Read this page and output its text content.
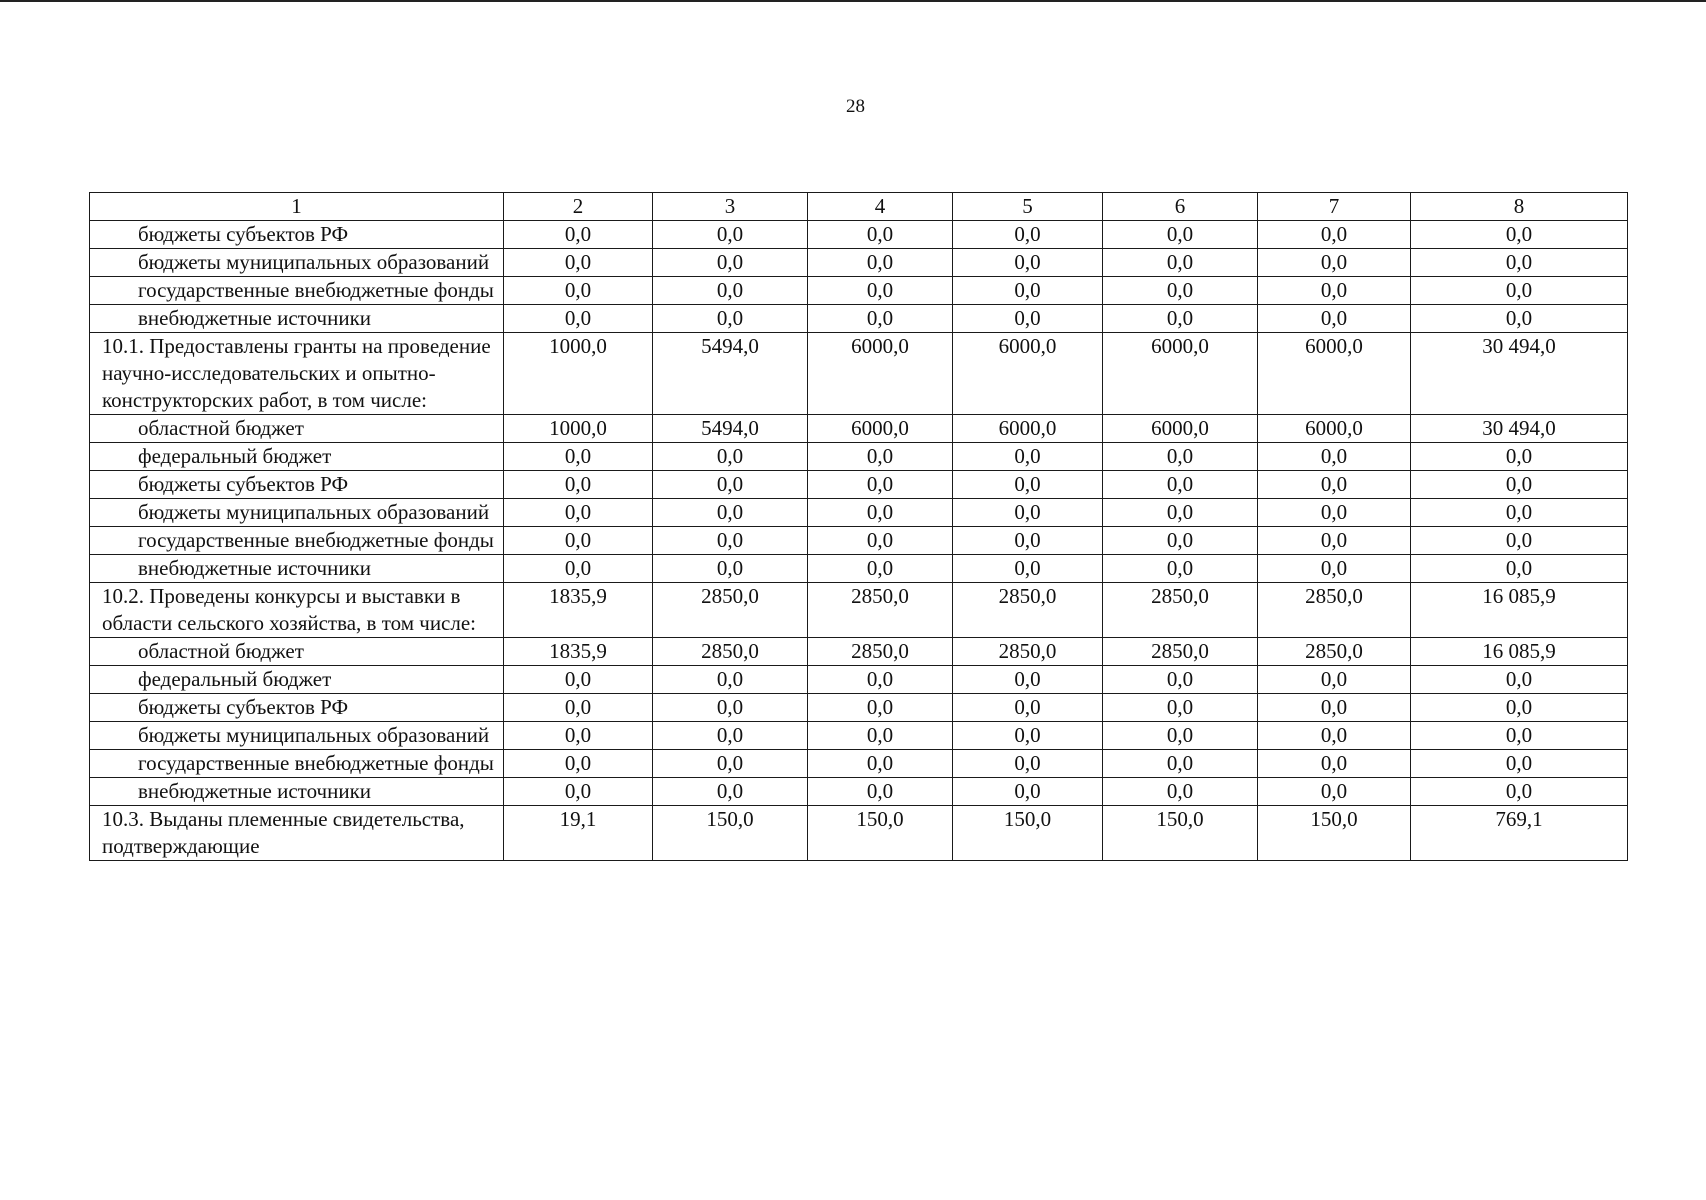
28
1	2	3	4	5	6	7	8
бюджеты субъектов РФ	0,0	0,0	0,0	0,0	0,0	0,0	0,0
бюджеты муниципальных образований	0,0	0,0	0,0	0,0	0,0	0,0	0,0
государственные внебюджетные фонды	0,0	0,0	0,0	0,0	0,0	0,0	0,0
внебюджетные источники	0,0	0,0	0,0	0,0	0,0	0,0	0,0
10.1. Предоставлены гранты на проведение научно-исследовательских и опытно-конструкторских работ, в том числе:	1000,0	5494,0	6000,0	6000,0	6000,0	6000,0	30 494,0
областной бюджет	1000,0	5494,0	6000,0	6000,0	6000,0	6000,0	30 494,0
федеральный бюджет	0,0	0,0	0,0	0,0	0,0	0,0	0,0
бюджеты субъектов РФ	0,0	0,0	0,0	0,0	0,0	0,0	0,0
бюджеты муниципальных образований	0,0	0,0	0,0	0,0	0,0	0,0	0,0
государственные внебюджетные фонды	0,0	0,0	0,0	0,0	0,0	0,0	0,0
внебюджетные источники	0,0	0,0	0,0	0,0	0,0	0,0	0,0
10.2. Проведены конкурсы и выставки в области сельского хозяйства, в том числе:	1835,9	2850,0	2850,0	2850,0	2850,0	2850,0	16 085,9
областной бюджет	1835,9	2850,0	2850,0	2850,0	2850,0	2850,0	16 085,9
федеральный бюджет	0,0	0,0	0,0	0,0	0,0	0,0	0,0
бюджеты субъектов РФ	0,0	0,0	0,0	0,0	0,0	0,0	0,0
бюджеты муниципальных образований	0,0	0,0	0,0	0,0	0,0	0,0	0,0
государственные внебюджетные фонды	0,0	0,0	0,0	0,0	0,0	0,0	0,0
внебюджетные источники	0,0	0,0	0,0	0,0	0,0	0,0	0,0
10.3. Выданы племенные свидетельства, подтверждающие	19,1	150,0	150,0	150,0	150,0	150,0	769,1
